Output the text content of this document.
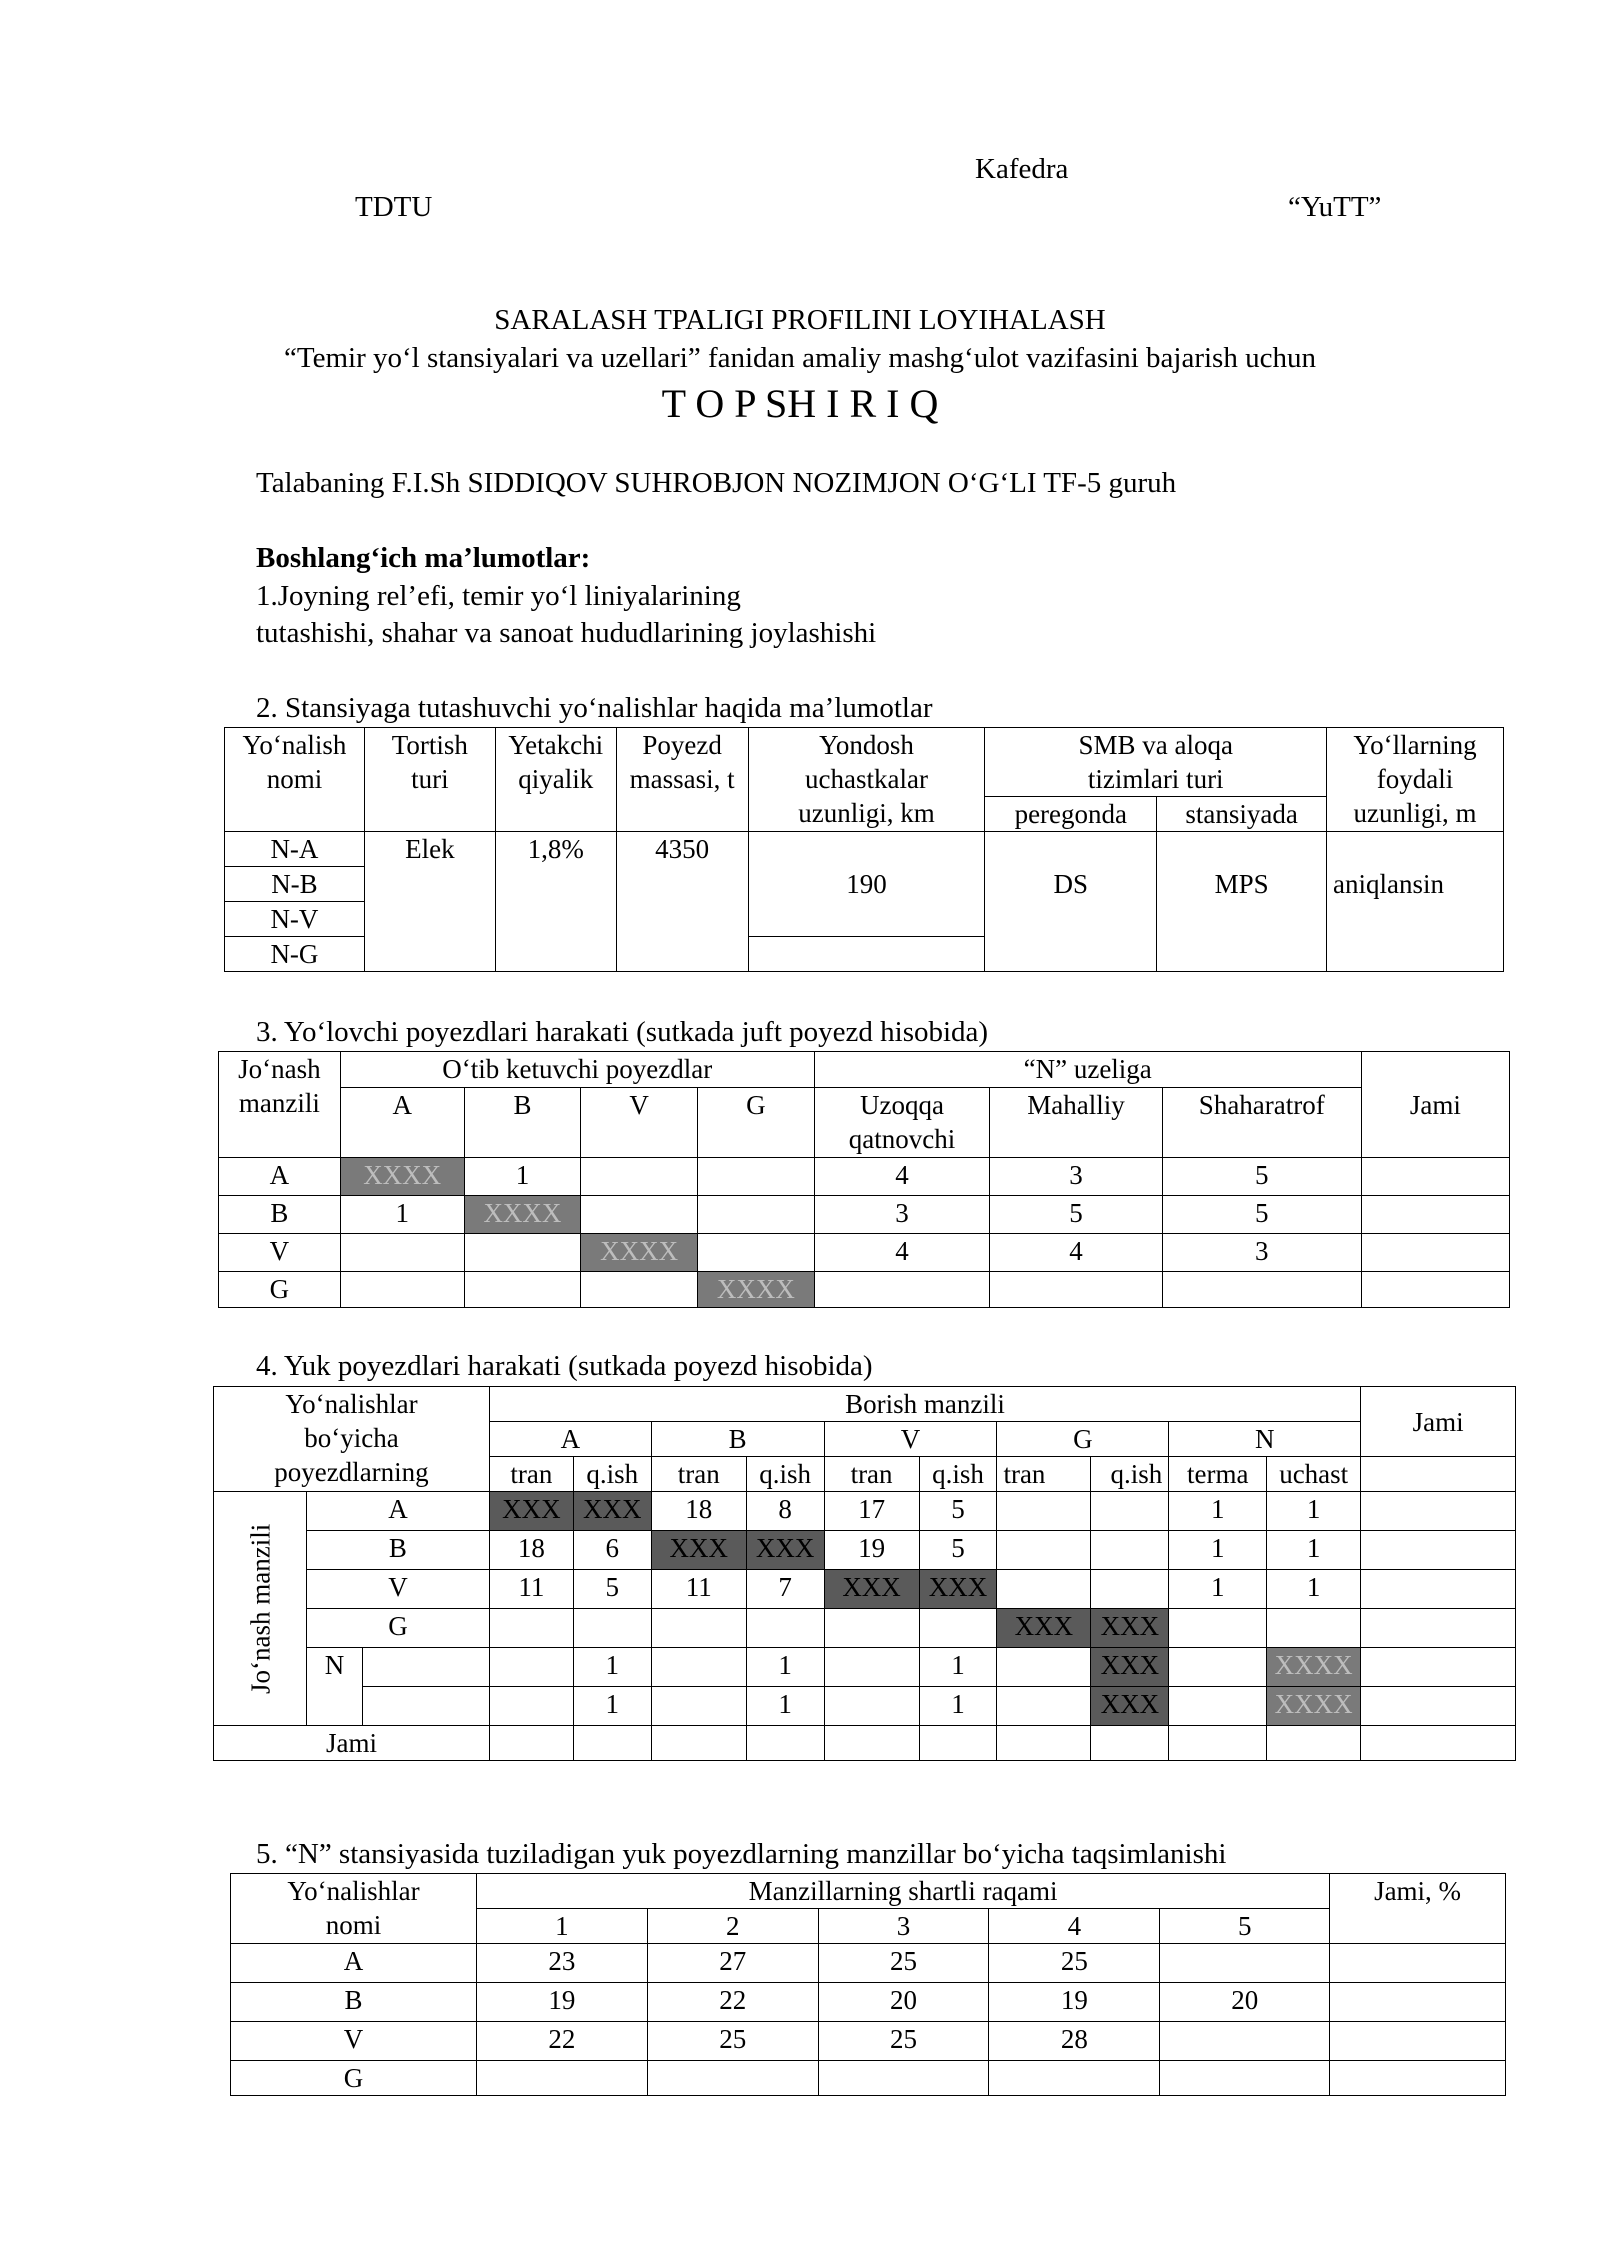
Kafedra
TDTU	“YuTT”
SARALASH TPALIGI PROFILINI LOYIHALASH
“Temir yo‘l stansiyalari va uzellari” fanidan amaliy mashg‘ulot vazifasini bajarish uchun
T O P SH I R I Q
Talabaning F.I.Sh SIDDIQOV SUHROBJON NOZIMJON O‘G‘LI TF-5 guruh
Boshlang‘ich ma’lumotlar:
1.Joyning rel’efi, temir yo‘l liniyalarining
tutashishi, shahar va sanoat hududlarining joylashishi
2. Stansiyaga tutashuvchi yo‘nalishlar haqida ma’lumotlar
Yo‘nalish nomi	Tortish turi	Yetakchi qiyalik	Poyezd massasi, t	Yondosh uchastkalar uzunligi, km	SMB va aloqa tizimlari turi		Yo‘llarning foydali uzunligi, m
					peregonda	stansiyada	
N-A	Elek	1,8%	4350	190	DS	MPS	aniqlansin
N-B							
N-V							
N-G							
3. Yo‘lovchi poyezdlari harakati (sutkada juft poyezd hisobida)
Jo‘nash manzili	O‘tib ketuvchi poyezdlar				“N” uzeliga			Jami
	A	B	V	G	Uzoqqa qatnovchi	Mahalliy	Shaharatrof	
A	XXXX	1			4	3	5	
B	1	XXXX			3	5	5	
V			XXXX		4	4	3	
G				XXXX				
4. Yuk poyezdlari harakati (sutkada poyezd hisobida)
Yo‘nalishlar bo‘yicha poyezdlarning			Borish manzili										Jami
			A		B		V		G		N		
			tran	q.ish	tran	q.ish	tran	q.ish	tran	q.ish	terma	uchast	
Jo‘nash manzili	A		XXX	XXX	18	8	17	5			1	1	
	B		18	6	XXX	XXX	19	5			1	1	
	V		11	5	11	7	XXX	XXX			1	1	
	G								XXX	XXX			
	N			1		1		1		XXX		XXXX	
				1		1		1		XXX		XXXX	
Jami													
5. “N” stansiyasida tuziladigan yuk poyezdlarning manzillar bo‘yicha taqsimlanishi
Yo‘nalishlar nomi	Manzillarning shartli raqami					Jami, %
	1	2	3	4	5	
A	23	27	25	25		
B	19	22	20	19	20	
V	22	25	25	28		
G						
